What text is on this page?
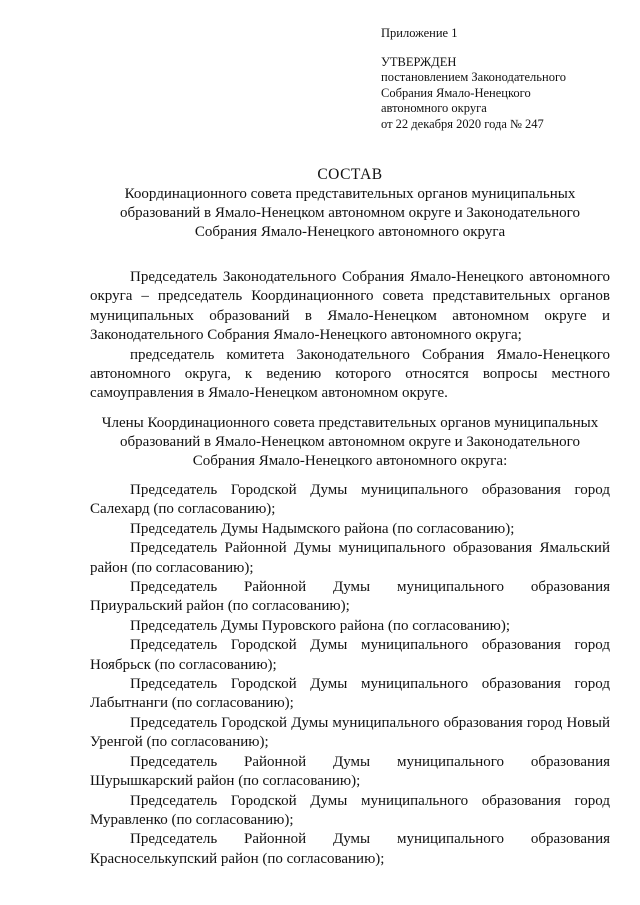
Приложение 1
УТВЕРЖДЕН
постановлением Законодательного
Собрания Ямало-Ненецкого
автономного округа
от 22 декабря 2020 года № 247
СОСТАВ
Координационного совета представительных органов муниципальных
образований в Ямало-Ненецком автономном округе и Законодательного
Собрания Ямало-Ненецкого автономного округа

Председатель Законодательного Собрания Ямало-Ненецкого автономного округа – председатель Координационного совета представительных органов муниципальных образований в Ямало-Ненецком автономном округе и Законодательного Собрания Ямало-Ненецкого автономного округа;

председатель комитета Законодательного Собрания Ямало-Ненецкого автономного округа, к ведению которого относятся вопросы местного самоуправления в Ямало-Ненецком автономном округе.

Члены Координационного совета представительных органов муниципальных
образований в Ямало-Ненецком автономном округе и Законодательного
Собрания Ямало-Ненецкого автономного округа:

Председатель Городской Думы муниципального образования город Салехард (по согласованию);

Председатель Думы Надымского района (по согласованию);

Председатель Районной Думы муниципального образования Ямальский район (по согласованию);

Председатель Районной Думы муниципального образования Приуральский район (по согласованию);

Председатель Думы Пуровского района (по согласованию);

Председатель Городской Думы муниципального образования город Ноябрьск (по согласованию);

Председатель Городской Думы муниципального образования город Лабытнанги (по согласованию);

Председатель Городской Думы муниципального образования город Новый Уренгой (по согласованию);

Председатель Районной Думы муниципального образования Шурышкарский район (по согласованию);

Председатель Городской Думы муниципального образования город Муравленко (по согласованию);

Председатель Районной Думы муниципального образования Красноселькупский район (по согласованию);
